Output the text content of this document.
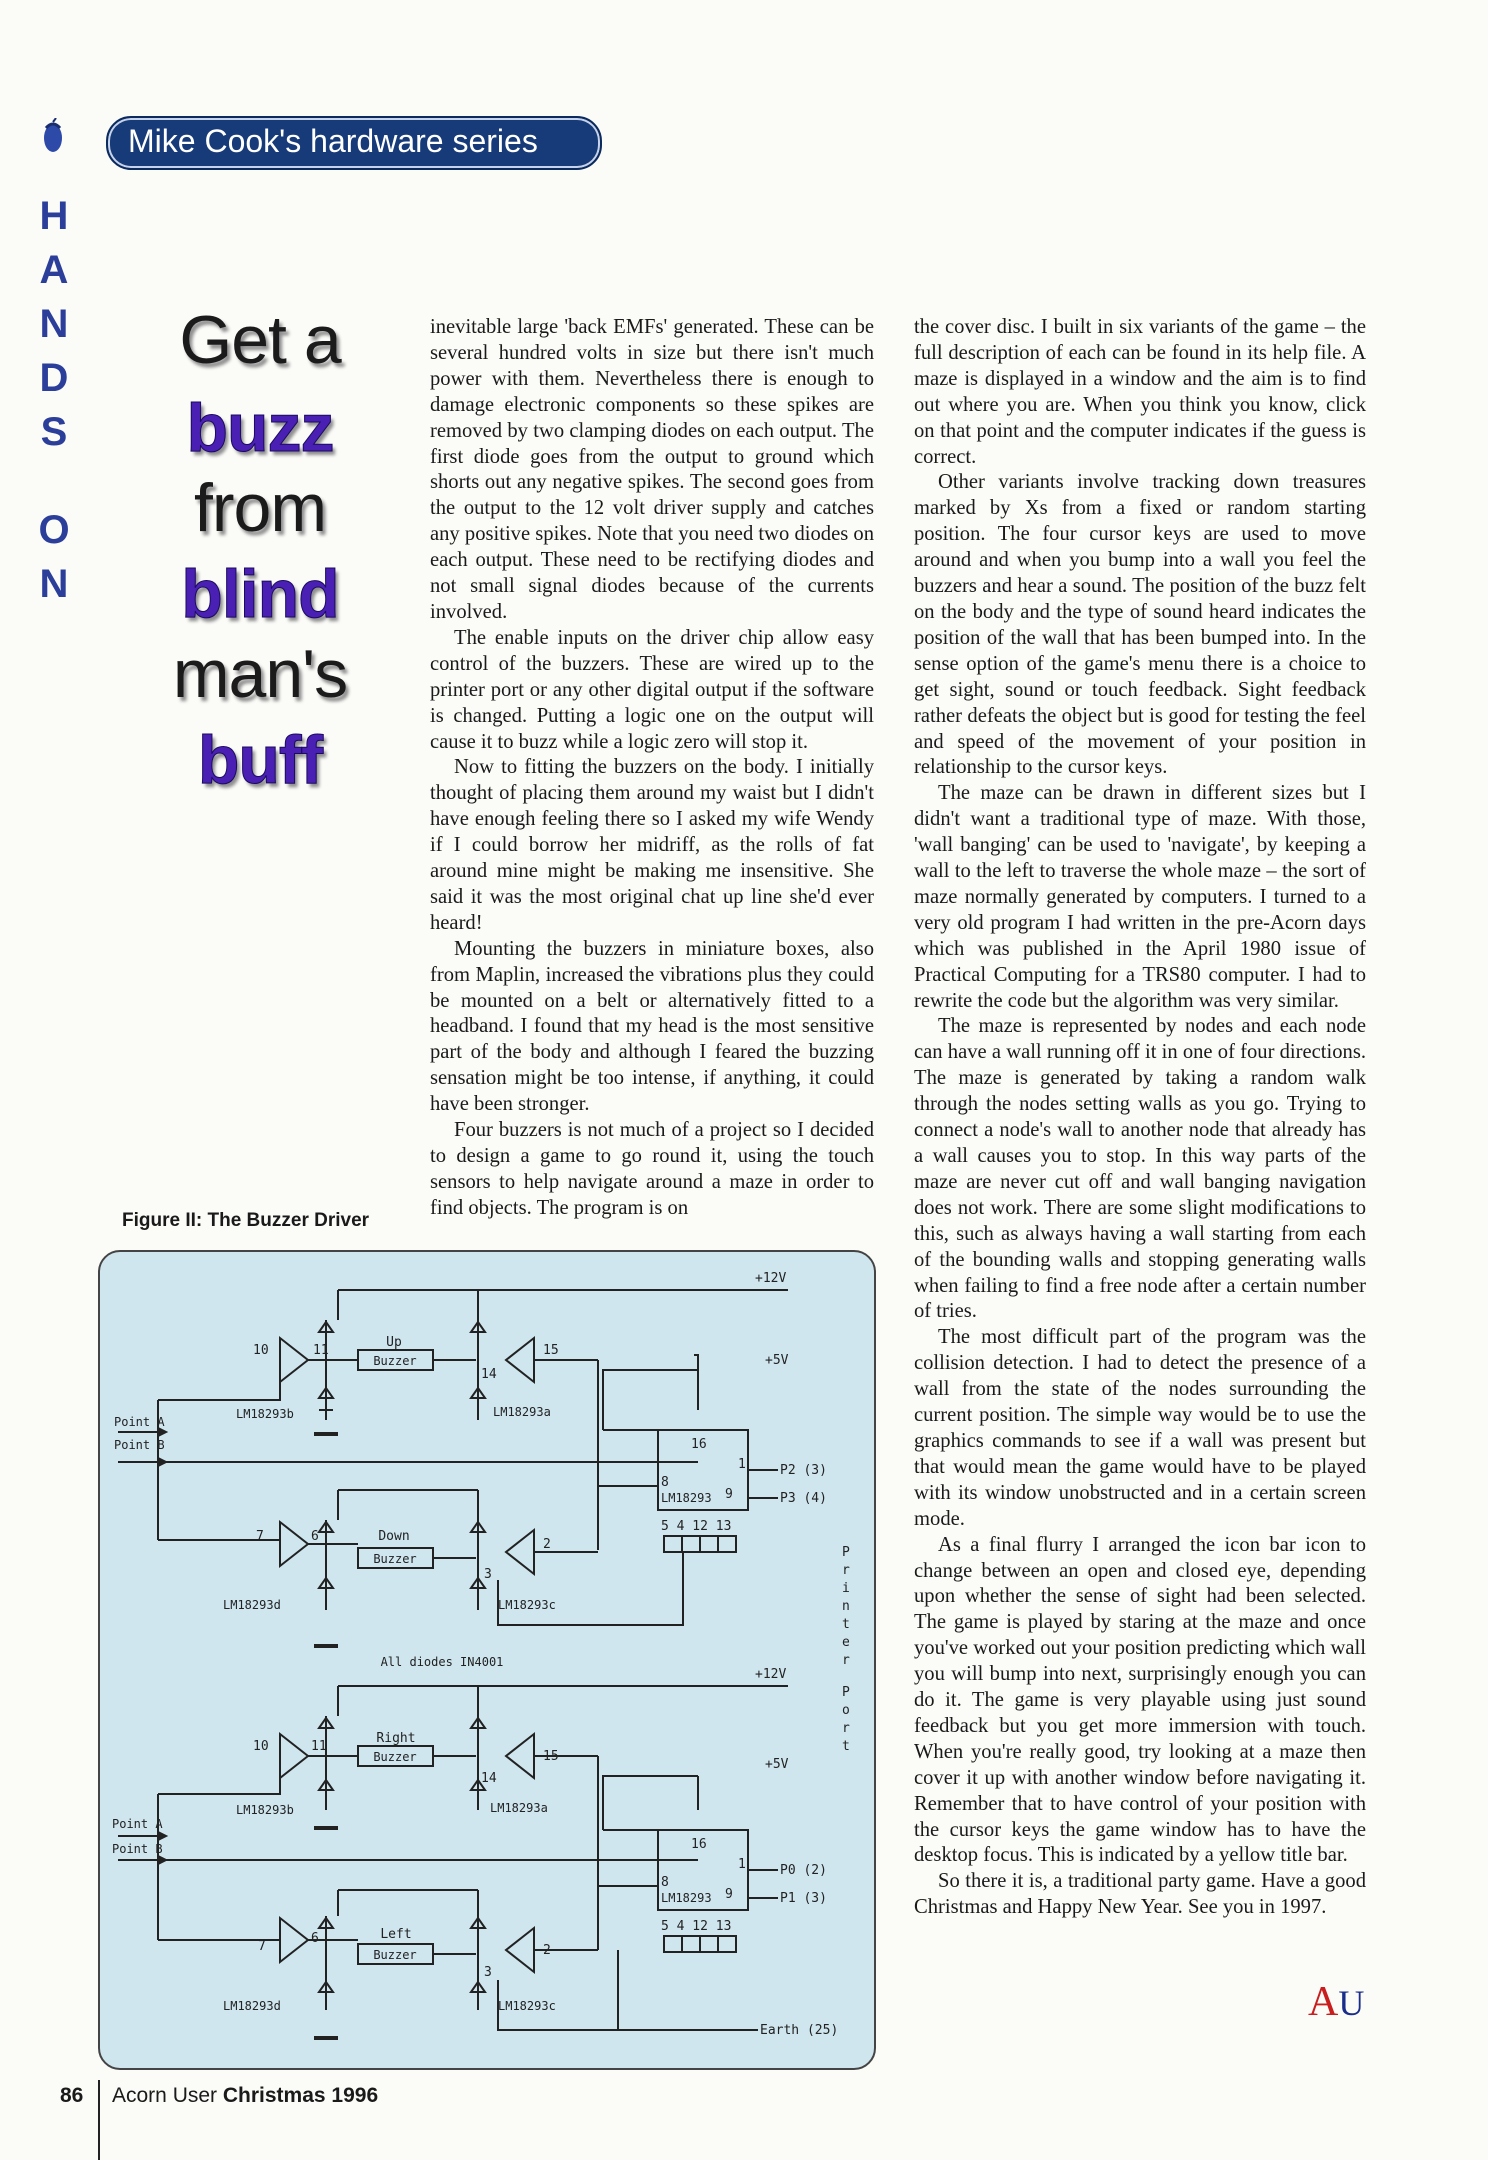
Mike Cook's hardware series
H
A
N
D
S
O
N
Get a
buzz
from
blind
man's
buff

inevitable large 'back EMFs' generated. These can be several hundred volts in size but there isn't much power with them. Nevertheless there is enough to damage electronic components so these spikes are removed by two clamping diodes on each output. The first diode goes from the output to ground which shorts out any negative spikes. The second goes from the output to the 12 volt driver supply and catches any positive spikes. Note that you need two diodes on each output. These need to be rectifying diodes and not small signal diodes because of the currents involved.

The enable inputs on the driver chip allow easy control of the buzzers. These are wired up to the printer port or any other digital output if the software is changed. Putting a logic one on the output will cause it to buzz while a logic zero will stop it.

Now to fitting the buzzers on the body. I initially thought of placing them around my waist but I didn't have enough feeling there so I asked my wife Wendy if I could borrow her midriff, as the rolls of fat around mine might be making me insensitive. She said it was the most original chat up line she'd ever heard!

Mounting the buzzers in miniature boxes, also from Maplin, increased the vibrations plus they could be mounted on a belt or alternatively fitted to a headband. I found that my head is the most sensitive part of the body and although I feared the buzzing sensation might be too intense, if anything, it could have been stronger.

Four buzzers is not much of a project so I decided to design a game to go round it, using the touch sensors to help navigate around a maze in order to find objects. The program is on

the cover disc. I built in six variants of the game – the full description of each can be found in its help file. A maze is displayed in a window and the aim is to find out where you are. When you think you know, click on that point and the computer indicates if the guess is correct.

Other variants involve tracking down treasures marked by Xs from a fixed or random starting position. The four cursor keys are used to move around and when you bump into a wall you feel the buzzers and hear a sound. The position of the buzz felt on the body and the type of sound heard indicates the position of the wall that has been bumped into. In the sense option of the game's menu there is a choice to get sight, sound or touch feedback. Sight feedback rather defeats the object but is good for testing the feel and speed of the movement of your position in relationship to the cursor keys.

The maze can be drawn in different sizes but I didn't want a traditional type of maze. With those, 'wall banging' can be used to 'navigate', by keeping a wall to the left to traverse the whole maze – the sort of maze normally generated by computers. I turned to a very old program I had written in the pre-Acorn days which was published in the April 1980 issue of Practical Computing for a TRS80 computer. I had to rewrite the code but the algorithm was very similar.

The maze is represented by nodes and each node can have a wall running off it in one of four directions. The maze is generated by taking a random walk through the nodes setting walls as you go. Trying to connect a node's wall to another node that already has a wall causes you to stop. In this way parts of the maze are never cut off and wall banging navigation does not work. There are some slight modifications to this, such as always having a wall starting from each of the bounding walls and stopping generating walls when failing to find a free node after a certain number of tries.

The most difficult part of the program was the collision detection. I had to detect the presence of a wall from the state of the nodes surrounding the current position. The simple way would be to use the graphics commands to see if a wall was present but that would mean the game would have to be played with its window unobstructed and in a certain screen mode.

As a final flurry I arranged the icon bar icon to change between an open and closed eye, depending upon whether the sense of sight had been selected. The game is played by staring at the maze and once you've worked out your position predicting which wall you will bump into next, surprisingly enough you can do it. The game is very playable using just sound feedback but you get more immersion with touch. When you're really good, try looking at a maze then cover it up with another window before navigating it. Remember that to have control of your position with the cursor keys the game window has to have the desktop focus. This is indicated by a yellow title bar.

So there it is, a traditional party game. Have a good Christmas and Happy New Year. See you in 1997.

Figure II: The Buzzer Driver
+12V
+5V
10	11
Up
Buzzer
15
14
LM18293b	LM18293a
Point A
Point B	16
1
8
LM18293 9
5 4 12 13
P2 (3)
P3 (4)
7	6	Down
Buzzer
2
3
LM18293d	LM18293c
All diodes IN4001
+12V
+5V
10	11
Right
Buzzer	15
14
LM18293b	LM18293a
Point A
Point B	16
1
8
LM18293 9
5 4 12 13
P0 (2)
P1 (3)
7
6	Left
Buzzer	2
3
LM18293d	LM18293c
Earth (25)
P
r
i
n
t
e
r
P
o
r
t
86 Acorn User Christmas 1996
AU
